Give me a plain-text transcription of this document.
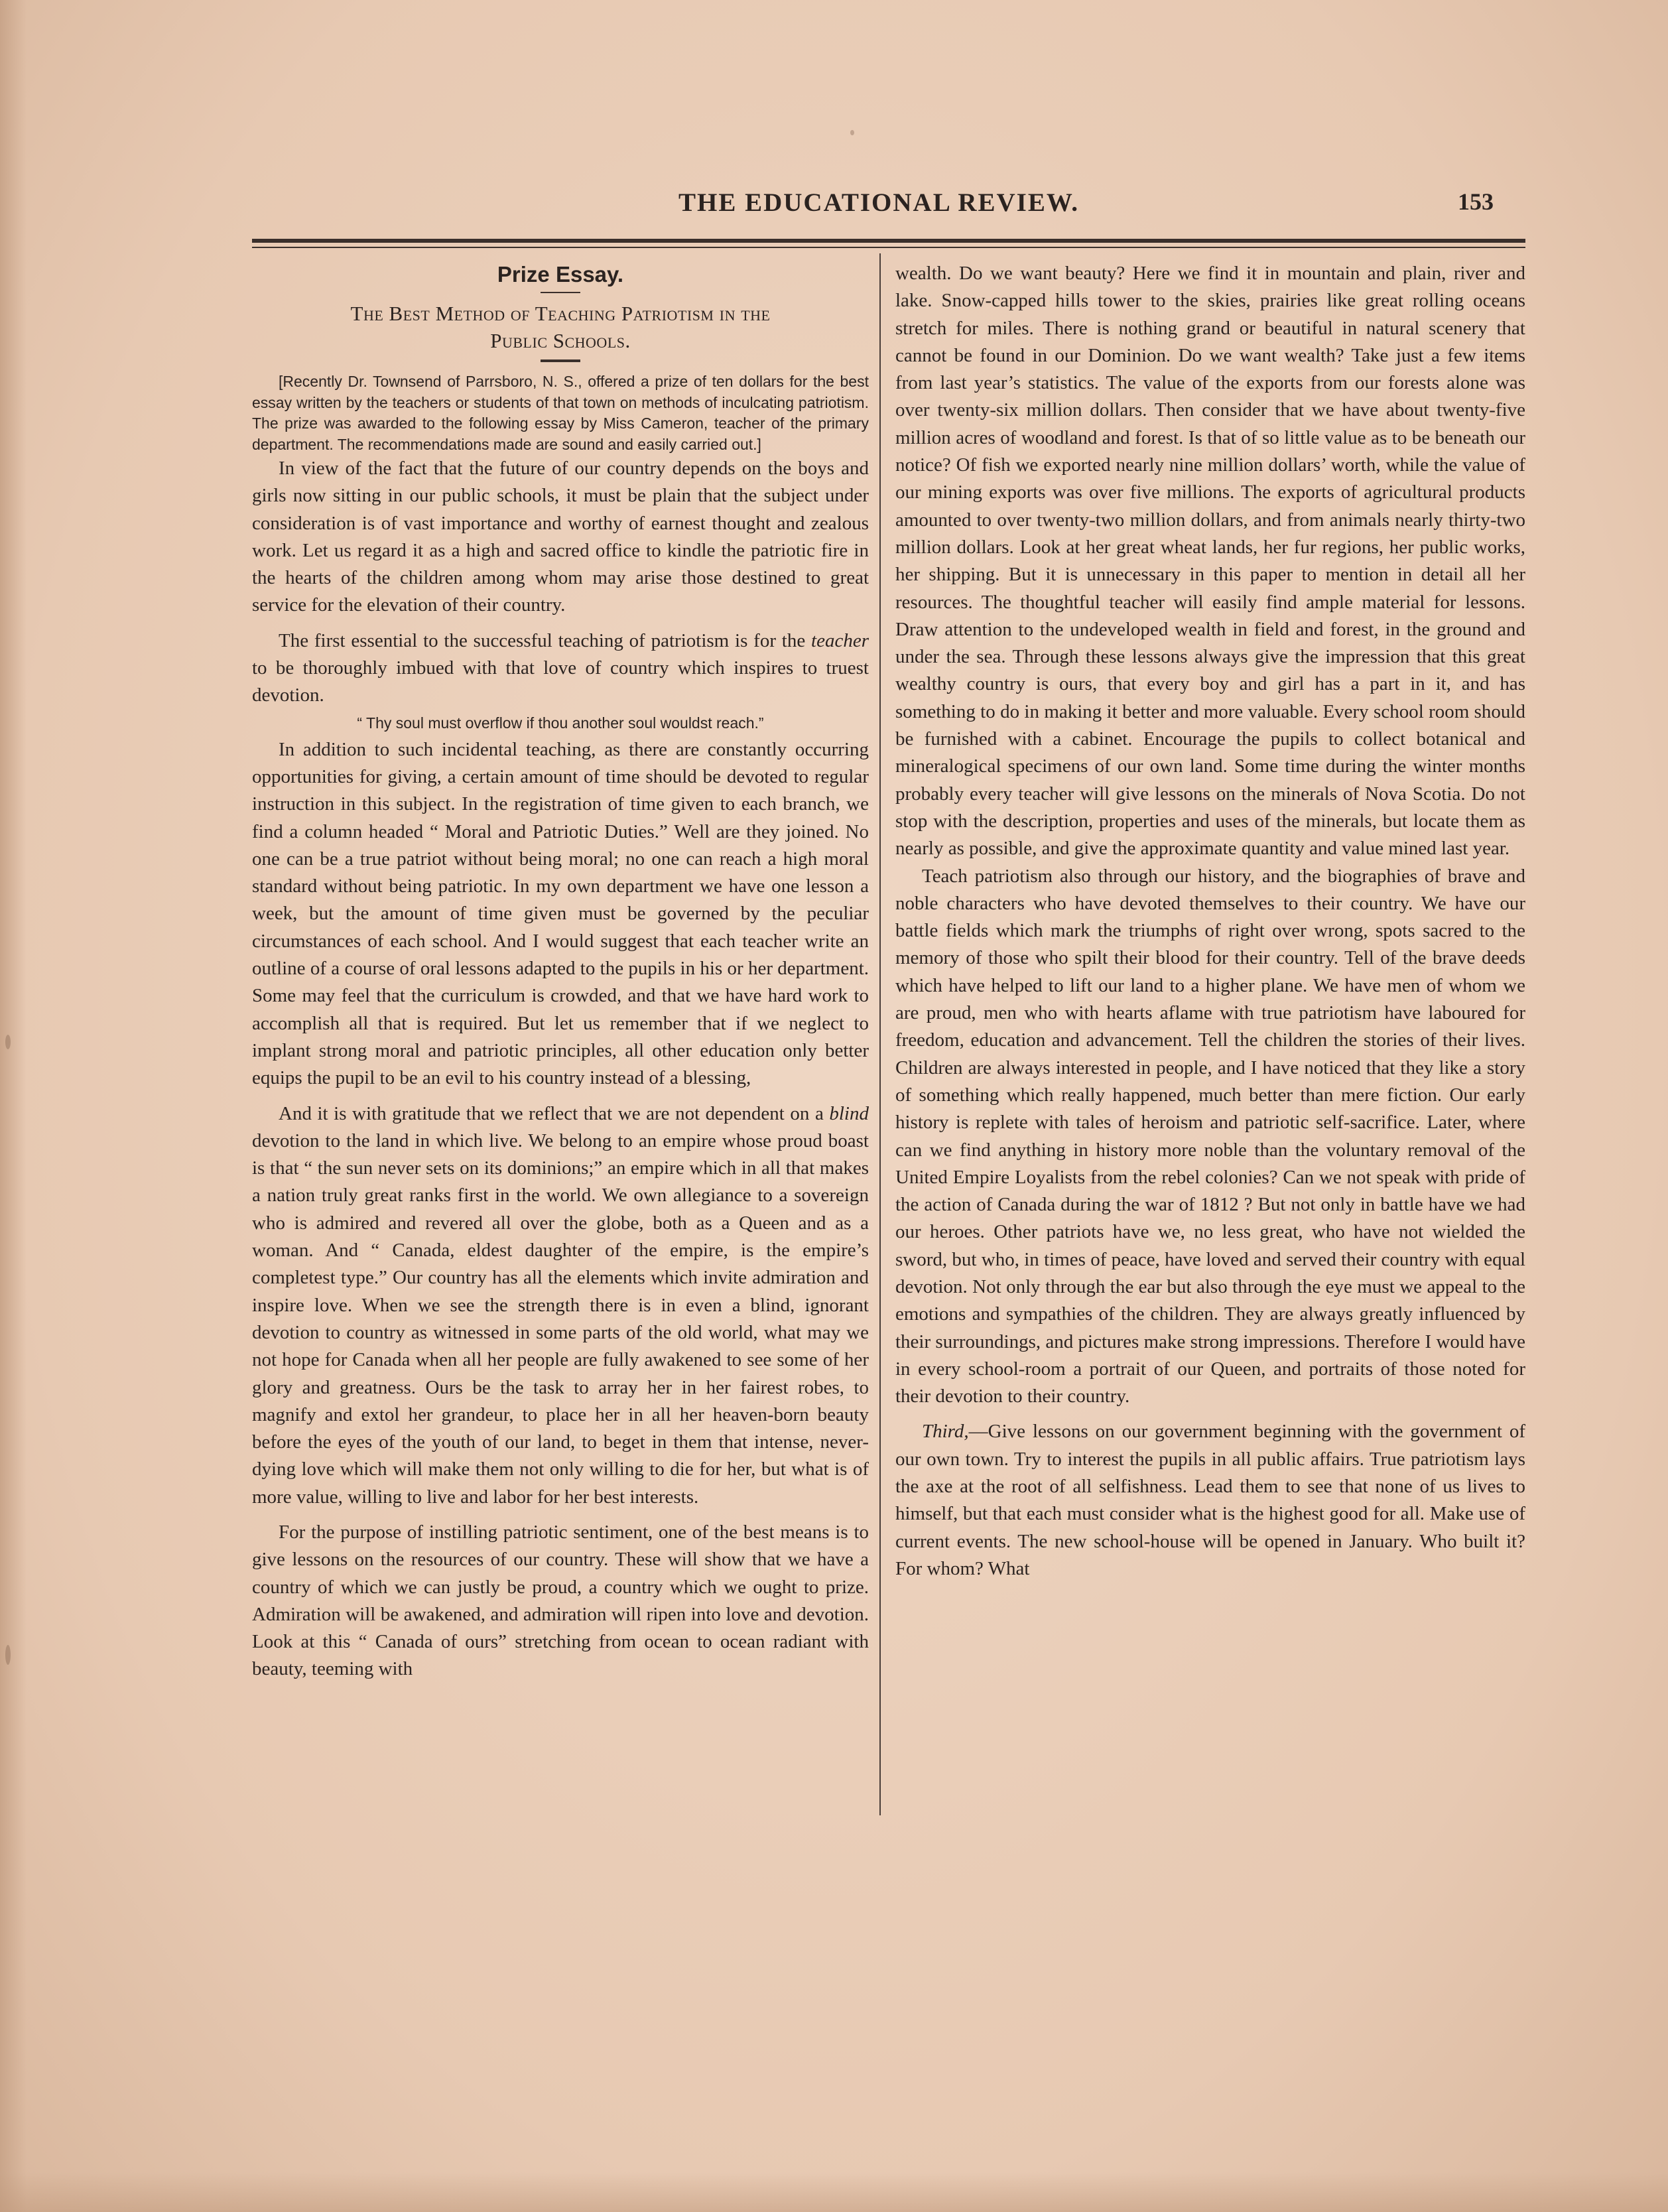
THE EDUCATIONAL REVIEW.	153
Prize Essay.

The Best Method of Teaching Patriotism in the
Public Schools.

[Recently Dr. Townsend of Parrsboro, N. S., offered a prize of ten dollars for the best essay written by the teachers or students of that town on methods of inculcating patriotism. The prize was awarded to the following essay by Miss Cameron, teacher of the primary department. The recommendations made are sound and easily carried out.]

In view of the fact that the future of our country depends on the boys and girls now sitting in our public schools, it must be plain that the subject under consideration is of vast importance and worthy of earnest thought and zealous work. Let us regard it as a high and sacred office to kindle the patriotic fire in the hearts of the children among whom may arise those destined to great service for the elevation of their country.

The first essential to the successful teaching of patriotism is for the teacher to be thoroughly imbued with that love of country which inspires to truest devotion.

“ Thy soul must overflow if thou another soul wouldst reach.”

In addition to such incidental teaching, as there are constantly occurring opportunities for giving, a certain amount of time should be devoted to regular instruction in this subject. In the registration of time given to each branch, we find a column headed “ Moral and Patriotic Duties.” Well are they joined. No one can be a true patriot without being moral; no one can reach a high moral standard without being patriotic. In my own department we have one lesson a week, but the amount of time given must be governed by the peculiar circumstances of each school. And I would suggest that each teacher write an outline of a course of oral lessons adapted to the pupils in his or her department. Some may feel that the curriculum is crowded, and that we have hard work to accomplish all that is required. But let us remember that if we neglect to implant strong moral and patriotic principles, all other education only better equips the pupil to be an evil to his country instead of a blessing,

And it is with gratitude that we reflect that we are not dependent on a blind devotion to the land in which live. We belong to an empire whose proud boast is that “ the sun never sets on its dominions;” an empire which in all that makes a nation truly great ranks first in the world. We own allegiance to a sovereign who is admired and revered all over the globe, both as a Queen and as a woman. And “ Canada, eldest daughter of the empire, is the empire’s completest type.” Our country has all the elements which invite admiration and inspire love. When we see the strength there is in even a blind, ignorant devotion to country as witnessed in some parts of the old world, what may we not hope for Canada when all her people are fully awakened to see some of her glory and greatness. Ours be the task to array her in her fairest robes, to magnify and extol her grandeur, to place her in all her heaven-born beauty before the eyes of the youth of our land, to beget in them that intense, never-dying love which will make them not only willing to die for her, but what is of more value, willing to live and labor for her best interests.

For the purpose of instilling patriotic sentiment, one of the best means is to give lessons on the resources of our country. These will show that we have a country of which we can justly be proud, a country which we ought to prize. Admiration will be awakened, and admiration will ripen into love and devotion. Look at this “ Canada of ours” stretching from ocean to ocean radiant with beauty, teeming with

wealth. Do we want beauty? Here we find it in mountain and plain, river and lake. Snow-capped hills tower to the skies, prairies like great rolling oceans stretch for miles. There is nothing grand or beautiful in natural scenery that cannot be found in our Dominion. Do we want wealth? Take just a few items from last year’s statistics. The value of the exports from our forests alone was over twenty-six million dollars. Then consider that we have about twenty-five million acres of woodland and forest. Is that of so little value as to be beneath our notice? Of fish we exported nearly nine million dollars’ worth, while the value of our mining exports was over five millions. The exports of agricultural products amounted to over twenty-two million dollars, and from animals nearly thirty-two million dollars. Look at her great wheat lands, her fur regions, her public works, her shipping. But it is unnecessary in this paper to mention in detail all her resources. The thoughtful teacher will easily find ample material for lessons. Draw attention to the undeveloped wealth in field and forest, in the ground and under the sea. Through these lessons always give the impression that this great wealthy country is ours, that every boy and girl has a part in it, and has something to do in making it better and more valuable. Every school room should be furnished with a cabinet. Encourage the pupils to collect botanical and mineralogical specimens of our own land. Some time during the winter months probably every teacher will give lessons on the minerals of Nova Scotia. Do not stop with the description, properties and uses of the minerals, but locate them as nearly as possible, and give the approximate quantity and value mined last year.

Teach patriotism also through our history, and the biographies of brave and noble characters who have devoted themselves to their country. We have our battle fields which mark the triumphs of right over wrong, spots sacred to the memory of those who spilt their blood for their country. Tell of the brave deeds which have helped to lift our land to a higher plane. We have men of whom we are proud, men who with hearts aflame with true patriotism have laboured for freedom, education and advancement. Tell the children the stories of their lives. Children are always interested in people, and I have noticed that they like a story of something which really happened, much better than mere fiction. Our early history is replete with tales of heroism and patriotic self-sacrifice. Later, where can we find anything in history more noble than the voluntary removal of the United Empire Loyalists from the rebel colonies? Can we not speak with pride of the action of Canada during the war of 1812 ? But not only in battle have we had our heroes. Other patriots have we, no less great, who have not wielded the sword, but who, in times of peace, have loved and served their country with equal devotion. Not only through the ear but also through the eye must we appeal to the emotions and sympathies of the children. They are always greatly influenced by their surroundings, and pictures make strong impressions. Therefore I would have in every school-room a portrait of our Queen, and portraits of those noted for their devotion to their country.

Third,—Give lessons on our government beginning with the government of our own town. Try to interest the pupils in all public affairs. True patriotism lays the axe at the root of all selfishness. Lead them to see that none of us lives to himself, but that each must consider what is the highest good for all. Make use of current events. The new school-house will be opened in January. Who built it? For whom? What
